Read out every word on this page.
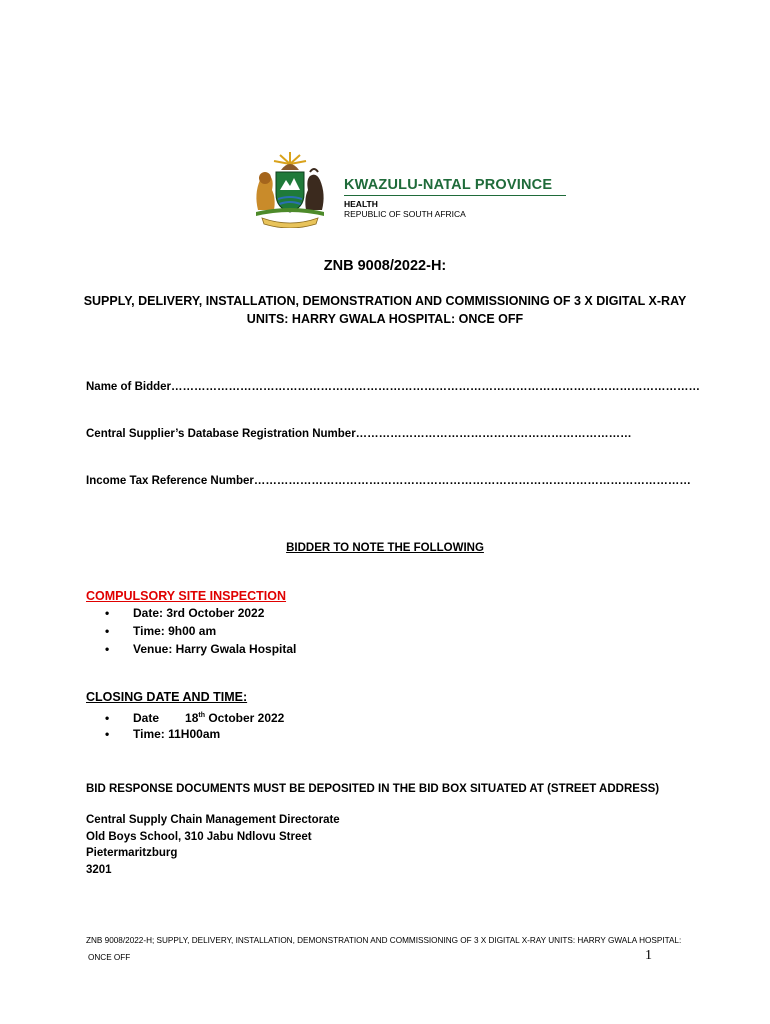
KWAZULU-NATAL PROVINCE
HEALTH
REPUBLIC OF SOUTH AFRICA
ZNB 9008/2022-H:
SUPPLY, DELIVERY, INSTALLATION, DEMONSTRATION AND COMMISSIONING OF 3 X DIGITAL X-RAY UNITS: HARRY GWALA HOSPITAL: ONCE OFF
Name of Bidder…………………………………………………………………………………………………………………………
Central Supplier’s Database Registration Number………………………………………………………………
Income Tax Reference Number……………………………………………………………………………………………………
BIDDER TO NOTE THE FOLLOWING
COMPULSORY SITE INSPECTION
• Date: 3rd October 2022
• Time: 9h00 am
• Venue: Harry Gwala Hospital
CLOSING DATE AND TIME:
• Date 18th October 2022
• Time: 11H00am
BID RESPONSE DOCUMENTS MUST BE DEPOSITED IN THE BID BOX SITUATED AT (STREET ADDRESS)
Central Supply Chain Management Directorate
Old Boys School, 310 Jabu Ndlovu Street
Pietermaritzburg
3201
ZNB 9008/2022-H; SUPPLY, DELIVERY, INSTALLATION, DEMONSTRATION AND COMMISSIONING OF 3 X DIGITAL X-RAY UNITS: HARRY GWALA HOSPITAL:
ONCE OFF	1
